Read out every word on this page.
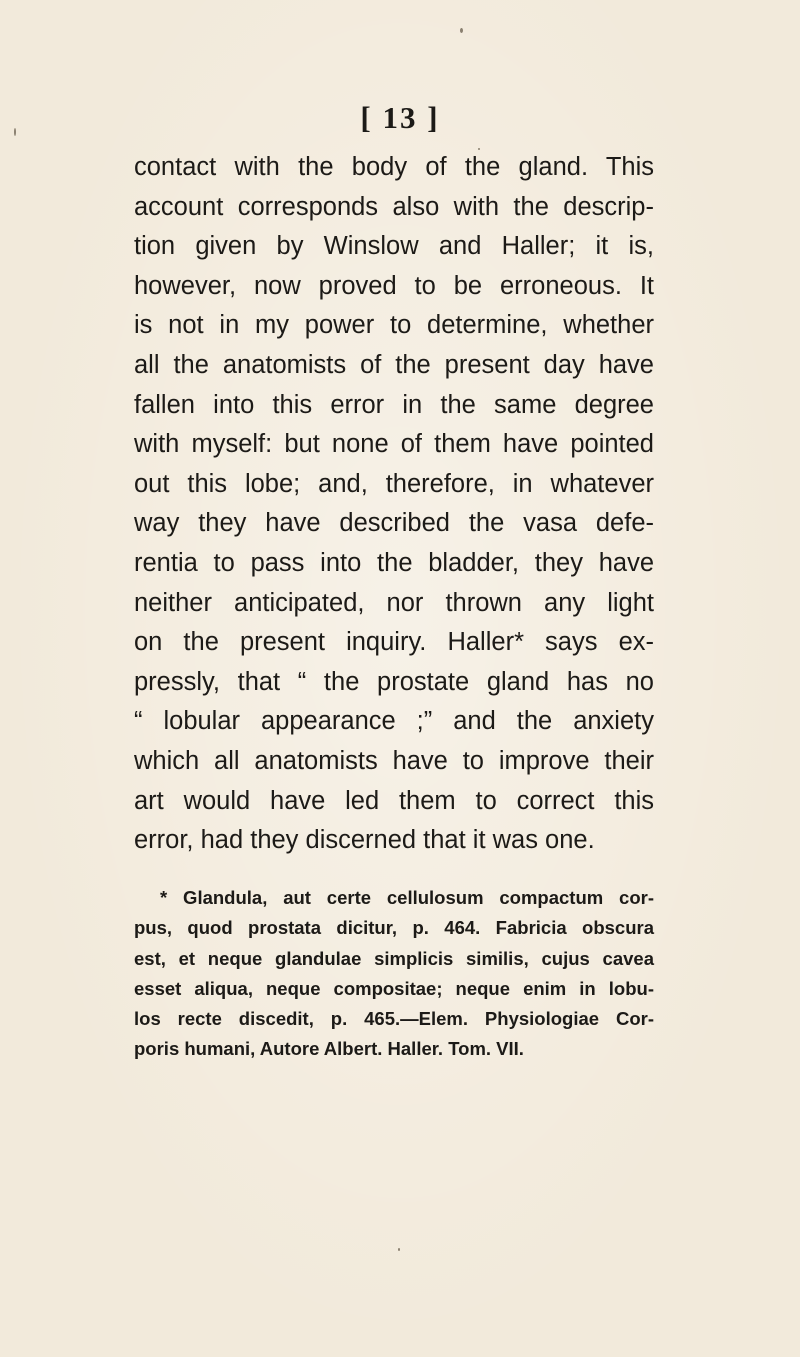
[ 13 ]
contact with the body of the gland. This
account corresponds also with the descrip-
tion given by Winslow and Haller; it is,
however, now proved to be erroneous. It
is not in my power to determine, whether
all the anatomists of the present day have
fallen into this error in the same degree
with myself: but none of them have pointed
out this lobe; and, therefore, in whatever
way they have described the vasa defe-
rentia to pass into the bladder, they have
neither anticipated, nor thrown any light
on the present inquiry. Haller* says ex-
pressly, that “ the prostate gland has no
“ lobular appearance ;” and the anxiety
which all anatomists have to improve their
art would have led them to correct this
error, had they discerned that it was one.
* Glandula, aut certe cellulosum compactum cor-
pus, quod prostata dicitur, p. 464. Fabricia obscura
est, et neque glandulae simplicis similis, cujus cavea
esset aliqua, neque compositae; neque enim in lobu-
los recte discedit, p. 465.—Elem. Physiologiae Cor-
poris humani, Autore Albert. Haller. Tom. VII.
